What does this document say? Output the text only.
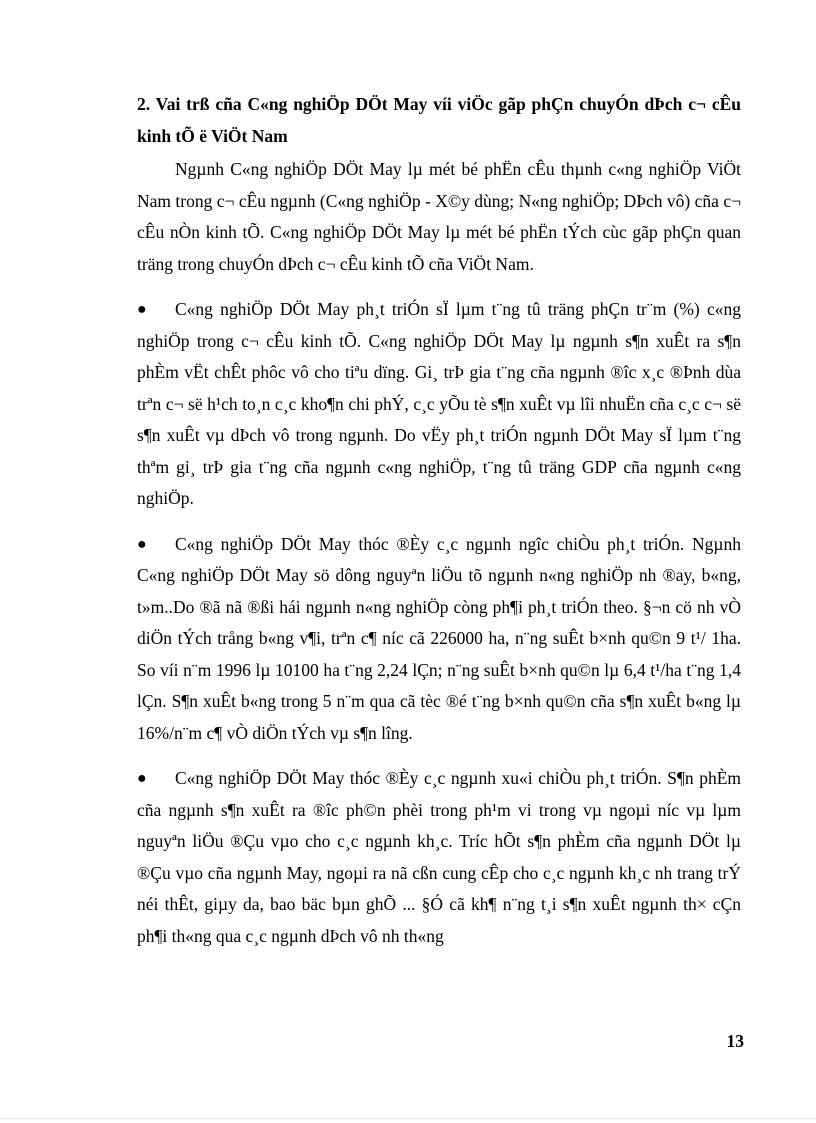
2. Vai trß cña C«ng nghiÖp DÖt May víi viÖc gãp phÇn chuyÓn dÞch c¬ cÊu kinh tÕ ë ViÖt Nam

Ngµnh C«ng nghiÖp DÖt May lµ mét bé phËn cÊu thµnh c«ng nghiÖp ViÖt Nam trong c¬ cÊu ngµnh (C«ng nghiÖp - X©y dùng; N«ng nghiÖp; DÞch vô) cña c¬ cÊu nÒn kinh tÕ. C«ng nghiÖp DÖt May lµ mét bé phËn tÝch cùc gãp phÇn quan träng trong chuyÓn dÞch c¬ cÊu kinh tÕ cña ViÖt Nam.

● C«ng nghiÖp DÖt May ph¸t triÓn sÏ lµm t¨ng tû träng phÇn tr¨m (%) c«ng nghiÖp trong c¬ cÊu kinh tÕ. C«ng nghiÖp DÖt May lµ ngµnh s¶n xuÊt ra s¶n phÈm vËt chÊt phôc vô cho tiªu dïng. Gi¸ trÞ gia t¨ng cña ngµnh ®îc x¸c ®Þnh dùa trªn c¬ së h¹ch to¸n c¸c kho¶n chi phÝ, c¸c yÕu tè s¶n xuÊt vµ lîi nhuËn cña c¸c c¬ së s¶n xuÊt vµ dÞch vô trong ngµnh. Do vËy ph¸t triÓn ngµnh DÖt May sÏ lµm t¨ng thªm gi¸ trÞ gia t¨ng cña ngµnh c«ng nghiÖp, t¨ng tû träng GDP cña ngµnh c«ng nghiÖp.

● C«ng nghiÖp DÖt May thóc ®Èy c¸c ngµnh ngîc chiÒu ph¸t triÓn. Ngµnh C«ng nghiÖp DÖt May sö dông nguyªn liÖu tõ ngµnh n«ng nghiÖp nh ®ay, b«ng, t»m..Do ®ã nã ®ßi hái ngµnh n«ng nghiÖp còng ph¶i ph¸t triÓn theo. §¬n cö nh vÒ diÖn tÝch trång b«ng v¶i, trªn c¶ níc cã 226000 ha, n¨ng suÊt b×nh qu©n 9 t¹/ 1ha. So víi n¨m 1996 lµ 10100 ha t¨ng 2,24 lÇn; n¨ng suÊt b×nh qu©n lµ 6,4 t¹/ha t¨ng 1,4 lÇn. S¶n xuÊt b«ng trong 5 n¨m qua cã tèc ®é t¨ng b×nh qu©n cña s¶n xuÊt b«ng lµ 16%/n¨m c¶ vÒ diÖn tÝch vµ s¶n lîng.

● C«ng nghiÖp DÖt May thóc ®Èy c¸c ngµnh xu«i chiÒu ph¸t triÓn. S¶n phÈm cña ngµnh s¶n xuÊt ra ®îc ph©n phèi trong ph¹m vi trong vµ ngoµi níc vµ lµm nguyªn liÖu ®Çu vµo cho c¸c ngµnh kh¸c. Tríc hÕt s¶n phÈm cña ngµnh DÖt lµ ®Çu vµo cña ngµnh May, ngoµi ra nã cßn cung cÊp cho c¸c ngµnh kh¸c nh trang trÝ néi thÊt, giµy da, bao bäc bµn ghÕ ... §Ó cã kh¶ n¨ng t¸i s¶n xuÊt ngµnh th× cÇn ph¶i th«ng qua c¸c ngµnh dÞch vô nh th«ng

13
